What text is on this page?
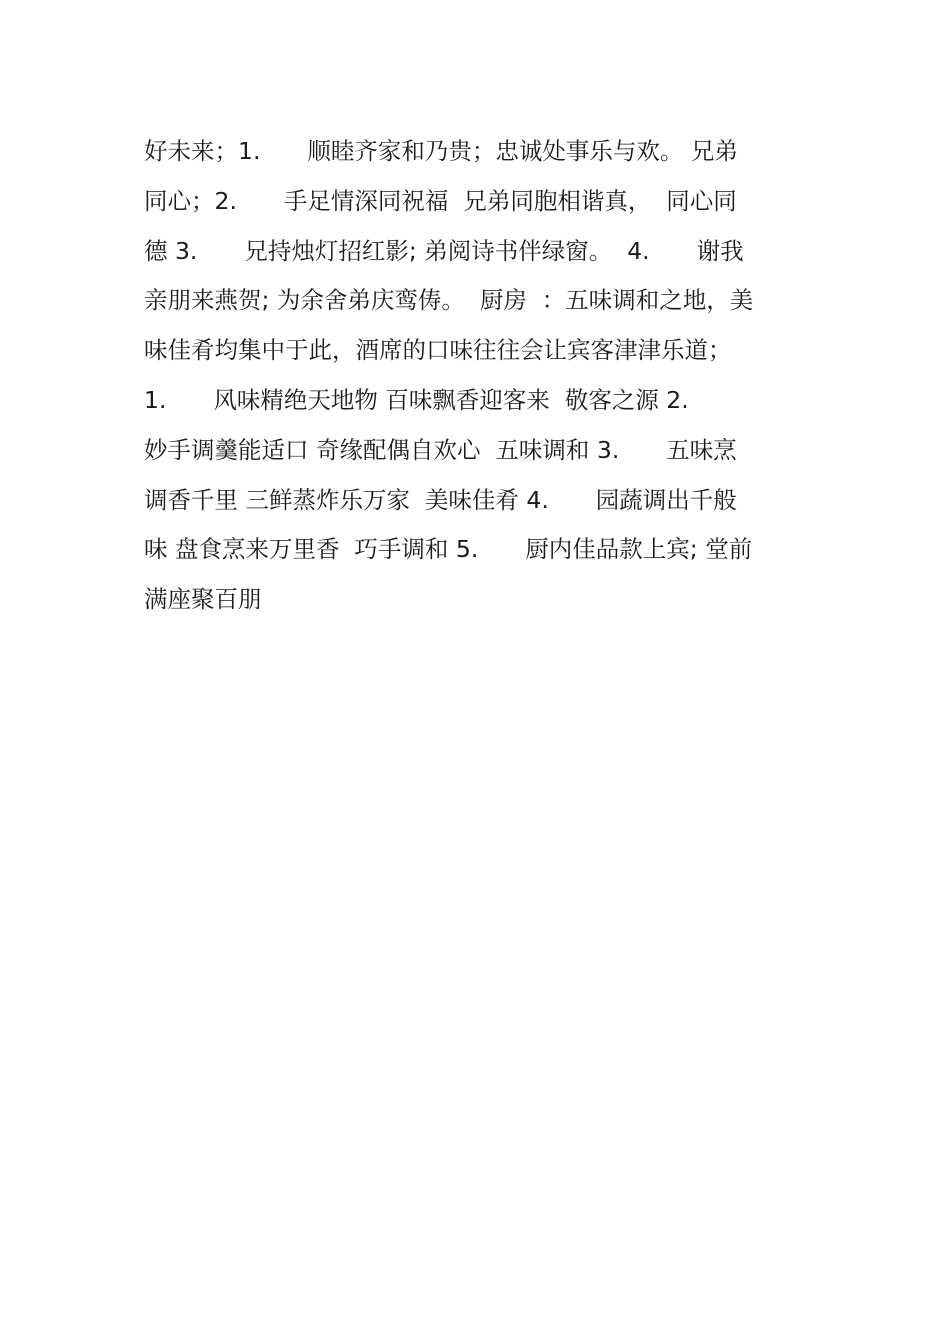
好未来；1.　　顺睦齐家和乃贵；忠诚处事乐与欢。 兄弟
同心；2.　　手足情深同祝福  兄弟同胞相谐真，  同心同
德 3.　　兄持烛灯招红影; 弟阅诗书伴绿窗。  4.　　谢我
亲朋来燕贺; 为余舍弟庆鸾俦。  厨房  ：五味调和之地，美
味佳肴均集中于此，酒席的口味往往会让宾客津津乐道；
1.　　风味精绝天地物 百味飘香迎客来  敬客之源 2.
妙手调羹能适口 奇缘配偶自欢心  五味调和 3.　　五味烹
调香千里 三鲜蒸炸乐万家  美味佳肴 4.　　园蔬调出千般
味 盘食烹来万里香  巧手调和 5.　　厨内佳品款上宾; 堂前
满座聚百朋
